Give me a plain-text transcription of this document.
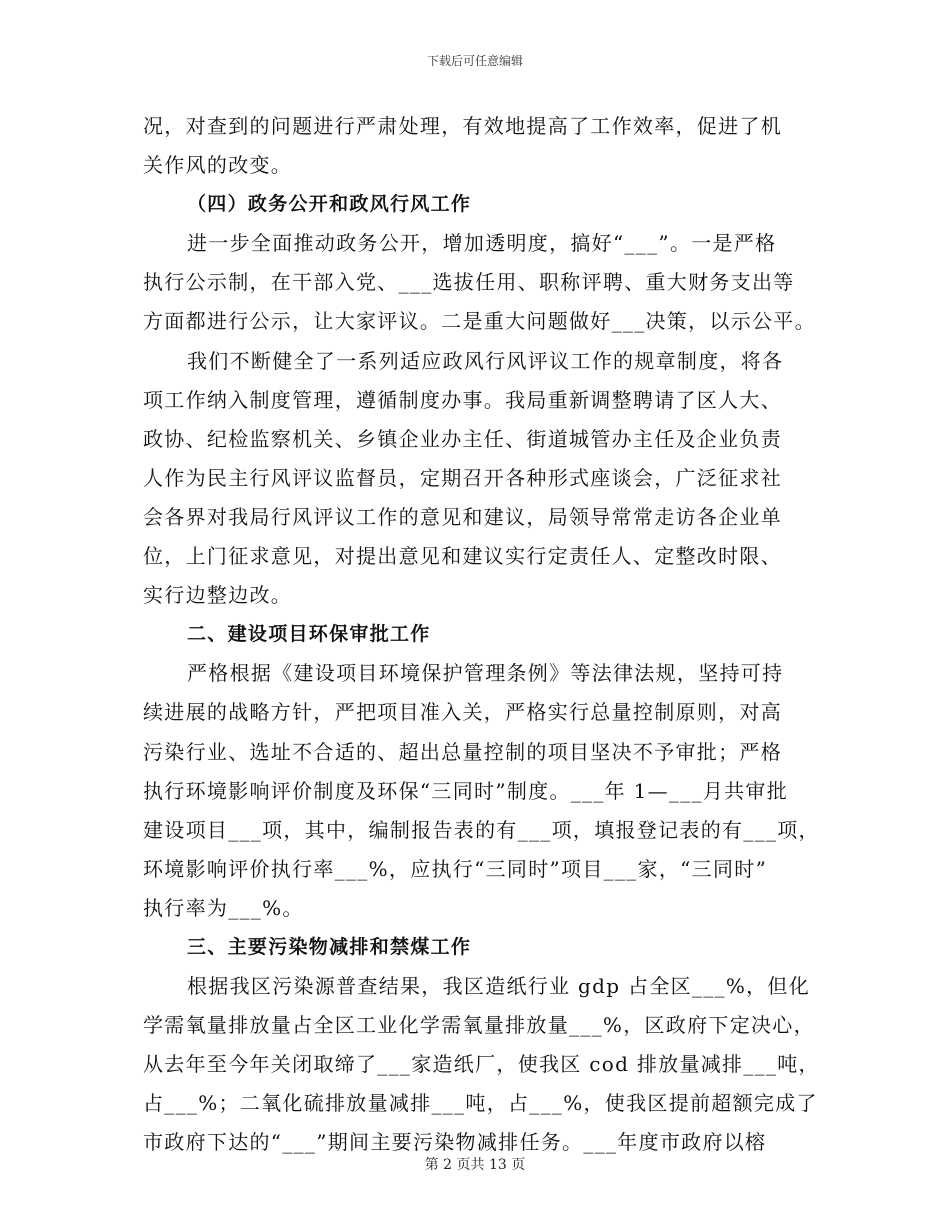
下载后可任意编辑

况，对查到的问题进行严肃处理，有效地提高了工作效率，促进了机

关作风的改变。

（四）政务公开和政风行风工作

进一步全面推动政务公开，增加透明度，搞好“___”。一是严格

执行公示制，在干部入党、___选拔任用、职称评聘、重大财务支出等

方面都进行公示，让大家评议。二是重大问题做好___决策，以示公平。

我们不断健全了一系列适应政风行风评议工作的规章制度，将各

项工作纳入制度管理，遵循制度办事。我局重新调整聘请了区人大、

政协、纪检监察机关、乡镇企业办主任、街道城管办主任及企业负责

人作为民主行风评议监督员，定期召开各种形式座谈会，广泛征求社

会各界对我局行风评议工作的意见和建议，局领导常常走访各企业单

位，上门征求意见，对提出意见和建议实行定责任人、定整改时限、

实行边整边改。

二、建设项目环保审批工作

严格根据《建设项目环境保护管理条例》等法律法规，坚持可持

续进展的战略方针，严把项目准入关，严格实行总量控制原则，对高

污染行业、选址不合适的、超出总量控制的项目坚决不予审批；严格

执行环境影响评价制度及环保“三同时”制度。___年 1—___月共审批

建设项目___项，其中，编制报告表的有___项，填报登记表的有___项，

环境影响评价执行率___%，应执行“三同时”项目___家，“三同时”

执行率为___%。

三、主要污染物减排和禁煤工作

根据我区污染源普查结果，我区造纸行业 gdp 占全区___%，但化

学需氧量排放量占全区工业化学需氧量排放量___%，区政府下定决心，

从去年至今年关闭取缔了___家造纸厂，使我区 cod 排放量减排___吨，

占___%；二氧化硫排放量减排___吨，占___%，使我区提前超额完成了

市政府下达的“___”期间主要污染物减排任务。___年度市政府以榕

第 2 页共 13 页
